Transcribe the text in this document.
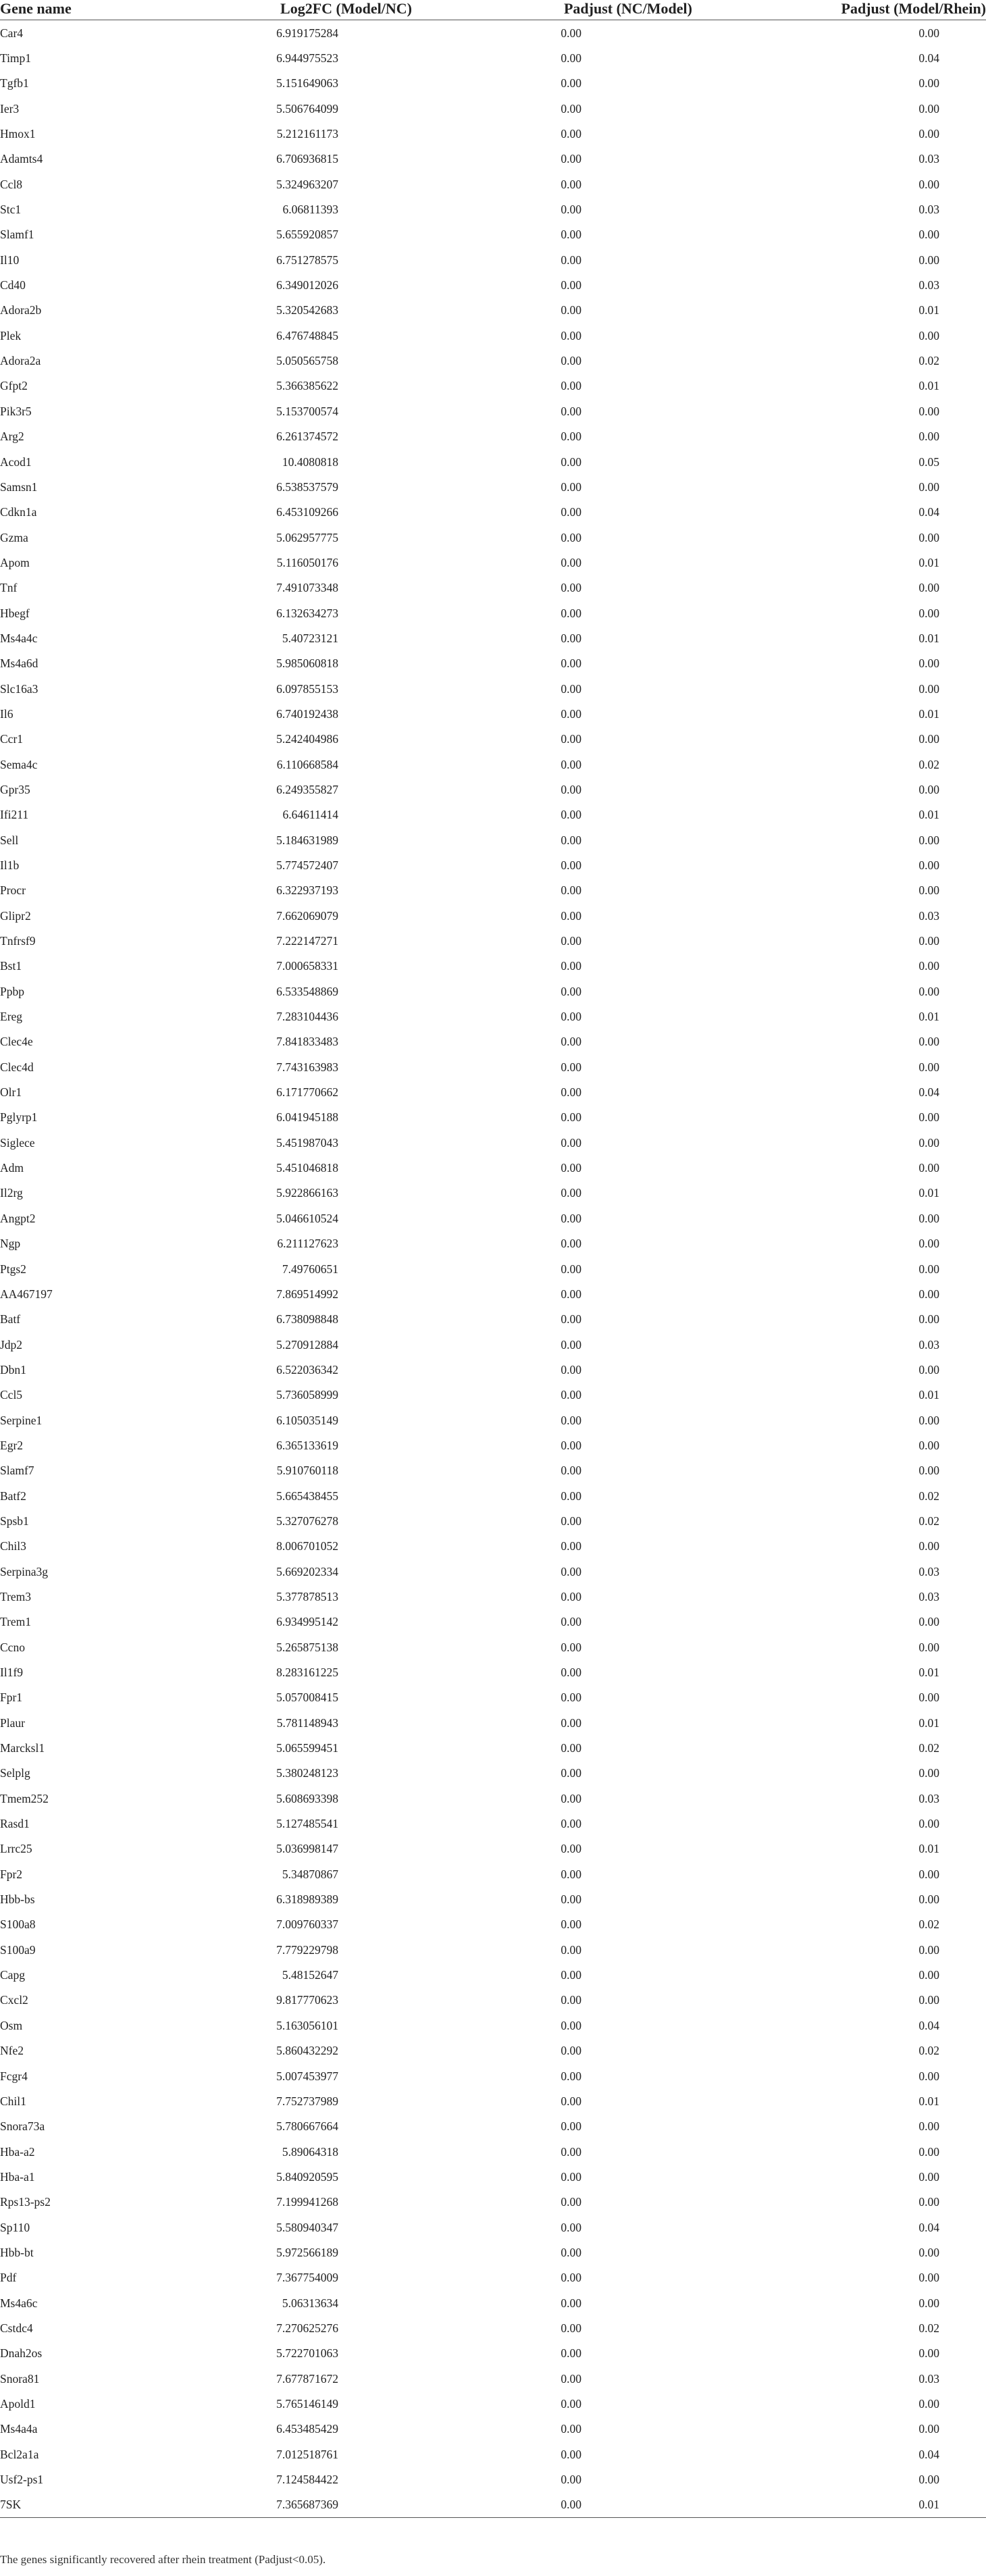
Gene name	Log2FC (Model/NC)	Padjust (NC/Model)	Padjust (Model/Rhein)
Car4	6.919175284	0.00	0.00
Timp1	6.944975523	0.00	0.04
Tgfb1	5.151649063	0.00	0.00
Ier3	5.506764099	0.00	0.00
Hmox1	5.212161173	0.00	0.00
Adamts4	6.706936815	0.00	0.03
Ccl8	5.324963207	0.00	0.00
Stc1	6.06811393	0.00	0.03
Slamf1	5.655920857	0.00	0.00
Il10	6.751278575	0.00	0.00
Cd40	6.349012026	0.00	0.03
Adora2b	5.320542683	0.00	0.01
Plek	6.476748845	0.00	0.00
Adora2a	5.050565758	0.00	0.02
Gfpt2	5.366385622	0.00	0.01
Pik3r5	5.153700574	0.00	0.00
Arg2	6.261374572	0.00	0.00
Acod1	10.4080818	0.00	0.05
Samsn1	6.538537579	0.00	0.00
Cdkn1a	6.453109266	0.00	0.04
Gzma	5.062957775	0.00	0.00
Apom	5.116050176	0.00	0.01
Tnf	7.491073348	0.00	0.00
Hbegf	6.132634273	0.00	0.00
Ms4a4c	5.40723121	0.00	0.01
Ms4a6d	5.985060818	0.00	0.00
Slc16a3	6.097855153	0.00	0.00
Il6	6.740192438	0.00	0.01
Ccr1	5.242404986	0.00	0.00
Sema4c	6.110668584	0.00	0.02
Gpr35	6.249355827	0.00	0.00
Ifi211	6.64611414	0.00	0.01
Sell	5.184631989	0.00	0.00
Il1b	5.774572407	0.00	0.00
Procr	6.322937193	0.00	0.00
Glipr2	7.662069079	0.00	0.03
Tnfrsf9	7.222147271	0.00	0.00
Bst1	7.000658331	0.00	0.00
Ppbp	6.533548869	0.00	0.00
Ereg	7.283104436	0.00	0.01
Clec4e	7.841833483	0.00	0.00
Clec4d	7.743163983	0.00	0.00
Olr1	6.171770662	0.00	0.04
Pglyrp1	6.041945188	0.00	0.00
Siglece	5.451987043	0.00	0.00
Adm	5.451046818	0.00	0.00
Il2rg	5.922866163	0.00	0.01
Angpt2	5.046610524	0.00	0.00
Ngp	6.211127623	0.00	0.00
Ptgs2	7.49760651	0.00	0.00
AA467197	7.869514992	0.00	0.00
Batf	6.738098848	0.00	0.00
Jdp2	5.270912884	0.00	0.03
Dbn1	6.522036342	0.00	0.00
Ccl5	5.736058999	0.00	0.01
Serpine1	6.105035149	0.00	0.00
Egr2	6.365133619	0.00	0.00
Slamf7	5.910760118	0.00	0.00
Batf2	5.665438455	0.00	0.02
Spsb1	5.327076278	0.00	0.02
Chil3	8.006701052	0.00	0.00
Serpina3g	5.669202334	0.00	0.03
Trem3	5.377878513	0.00	0.03
Trem1	6.934995142	0.00	0.00
Ccno	5.265875138	0.00	0.00
Il1f9	8.283161225	0.00	0.01
Fpr1	5.057008415	0.00	0.00
Plaur	5.781148943	0.00	0.01
Marcksl1	5.065599451	0.00	0.02
Selplg	5.380248123	0.00	0.00
Tmem252	5.608693398	0.00	0.03
Rasd1	5.127485541	0.00	0.00
Lrrc25	5.036998147	0.00	0.01
Fpr2	5.34870867	0.00	0.00
Hbb-bs	6.318989389	0.00	0.00
S100a8	7.009760337	0.00	0.02
S100a9	7.779229798	0.00	0.00
Capg	5.48152647	0.00	0.00
Cxcl2	9.817770623	0.00	0.00
Osm	5.163056101	0.00	0.04
Nfe2	5.860432292	0.00	0.02
Fcgr4	5.007453977	0.00	0.00
Chil1	7.752737989	0.00	0.01
Snora73a	5.780667664	0.00	0.00
Hba-a2	5.89064318	0.00	0.00
Hba-a1	5.840920595	0.00	0.00
Rps13-ps2	7.199941268	0.00	0.00
Sp110	5.580940347	0.00	0.04
Hbb-bt	5.972566189	0.00	0.00
Pdf	7.367754009	0.00	0.00
Ms4a6c	5.06313634	0.00	0.00
Cstdc4	7.270625276	0.00	0.02
Dnah2os	5.722701063	0.00	0.00
Snora81	7.677871672	0.00	0.03
Apold1	5.765146149	0.00	0.00
Ms4a4a	6.453485429	0.00	0.00
Bcl2a1a	7.012518761	0.00	0.04
Usf2-ps1	7.124584422	0.00	0.00
7SK	7.365687369	0.00	0.01
The genes significantly recovered after rhein treatment (Padjust<0.05).
